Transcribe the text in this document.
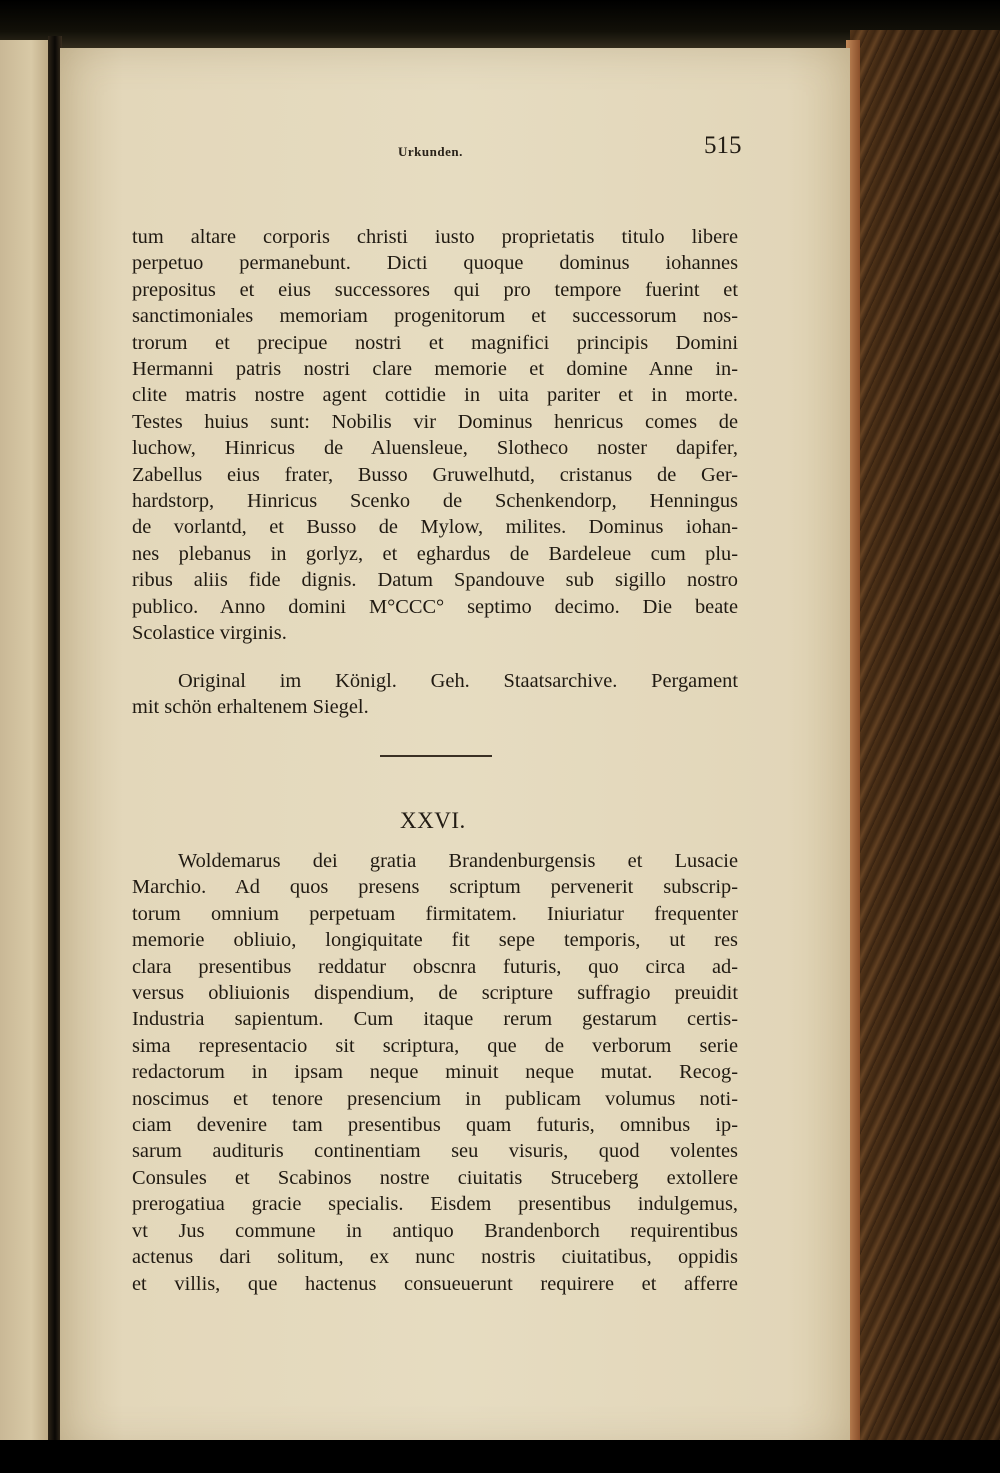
Urkunden.	515
tum altare corporis christi iusto proprietatis titulo libere
perpetuo permanebunt. Dicti quoque dominus iohannes
prepositus et eius successores qui pro tempore fuerint et
sanctimoniales memoriam progenitorum et successorum nos-
trorum et precipue nostri et magnifici principis Domini
Hermanni patris nostri clare memorie et domine Anne in-
clite matris nostre agent cottidie in uita pariter et in morte.
Testes huius sunt: Nobilis vir Dominus henricus comes de
luchow, Hinricus de Aluensleue, Slotheco noster dapifer,
Zabellus eius frater, Busso Gruwelhutd, cristanus de Ger-
hardstorp, Hinricus Scenko de Schenkendorp, Henningus
de vorlantd, et Busso de Mylow, milites. Dominus iohan-
nes plebanus in gorlyz, et eghardus de Bardeleue cum plu-
ribus aliis fide dignis. Datum Spandouve sub sigillo nostro
publico. Anno domini M°CCC° septimo decimo. Die beate
Scolastice virginis.
Original im Königl. Geh. Staatsarchive. Pergament
mit schön erhaltenem Siegel.
XXVI.
Woldemarus dei gratia Brandenburgensis et Lusacie
Marchio. Ad quos presens scriptum pervenerit subscrip-
torum omnium perpetuam firmitatem. Iniuriatur frequenter
memorie obliuio, longiquitate fit sepe temporis, ut res
clara presentibus reddatur obscnra futuris, quo circa ad-
versus obliuionis dispendium, de scripture suffragio preuidit
Industria sapientum. Cum itaque rerum gestarum certis-
sima representacio sit scriptura, que de verborum serie
redactorum in ipsam neque minuit neque mutat. Recog-
noscimus et tenore presencium in publicam volumus noti-
ciam devenire tam presentibus quam futuris, omnibus ip-
sarum audituris continentiam seu visuris, quod volentes
Consules et Scabinos nostre ciuitatis Struceberg extollere
prerogatiua gracie specialis. Eisdem presentibus indulgemus,
vt Jus commune in antiquo Brandenborch requirentibus
actenus dari solitum, ex nunc nostris ciuitatibus, oppidis
et villis, que hactenus consueuerunt requirere et afferre
